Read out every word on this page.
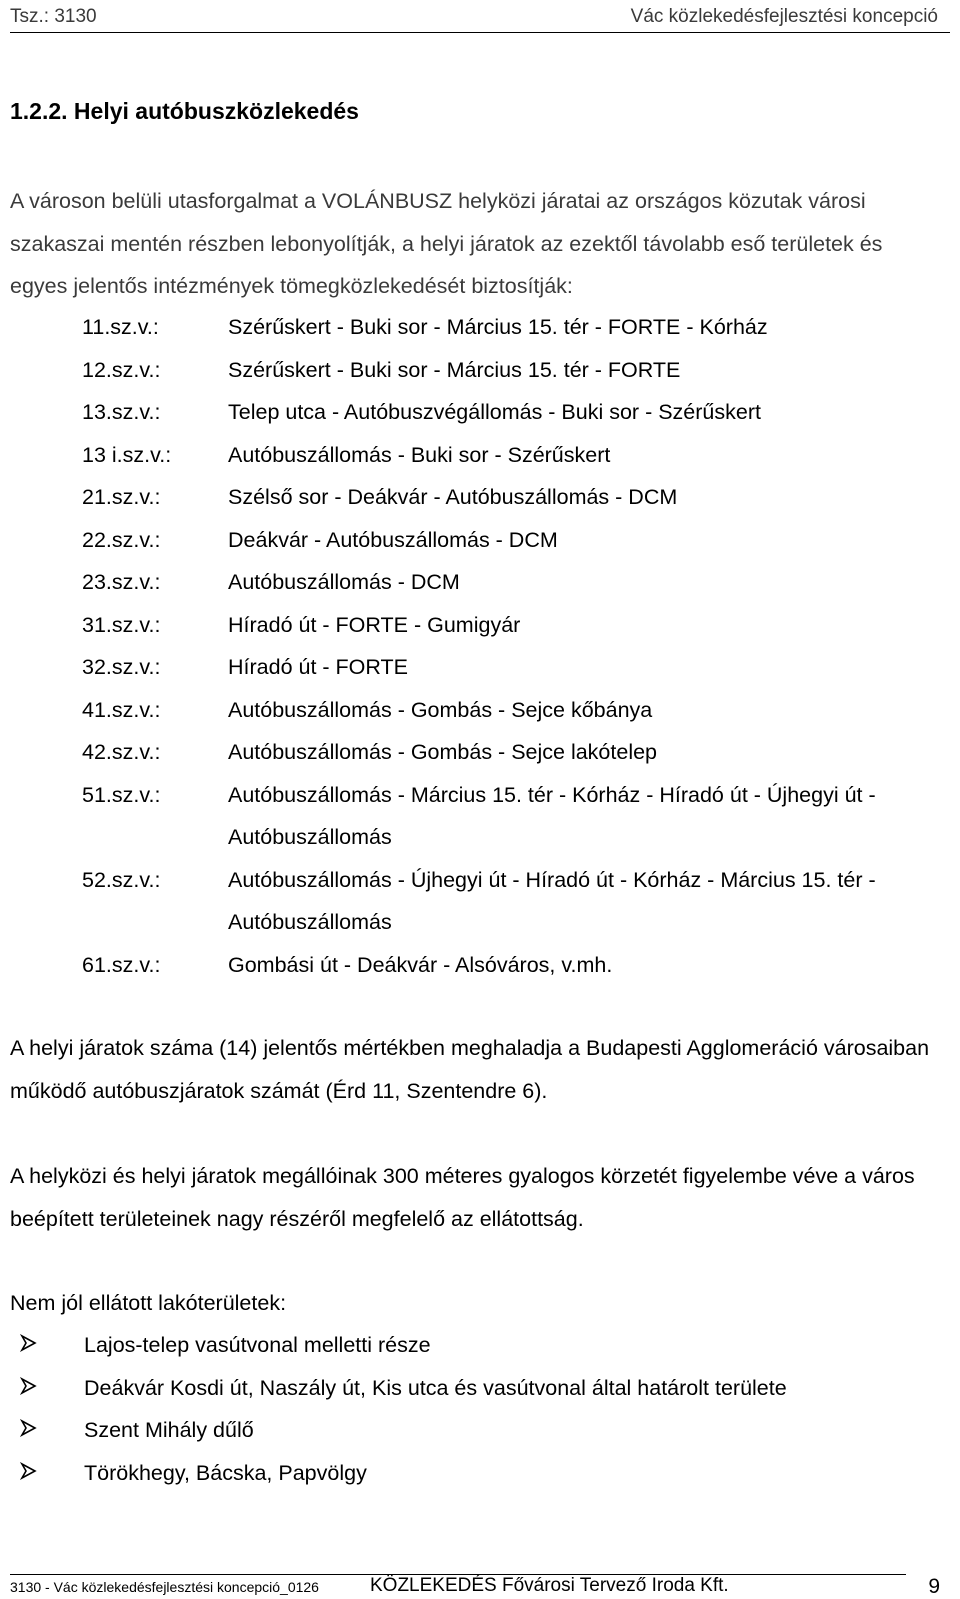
Tsz.: 3130	Vác közlekedésfejlesztési koncepció
1.2.2. Helyi autóbuszközlekedés
A városon belüli utasforgalmat a VOLÁNBUSZ helyközi járatai az országos közutak városi szakaszai mentén részben lebonyolítják, a helyi járatok az ezektől távolabb eső területek és egyes jelentős intézmények tömegközlekedését biztosítják:
11.sz.v.:	Szérűskert - Buki sor - Március 15. tér - FORTE - Kórház
12.sz.v.:	Szérűskert - Buki sor - Március 15. tér - FORTE
13.sz.v.:	Telep utca - Autóbuszvégállomás - Buki sor - Szérűskert
13 i.sz.v.:	Autóbuszállomás - Buki sor - Szérűskert
21.sz.v.:	Szélső sor - Deákvár - Autóbuszállomás - DCM
22.sz.v.:	Deákvár - Autóbuszállomás - DCM
23.sz.v.:	Autóbuszállomás - DCM
31.sz.v.:	Híradó út - FORTE - Gumigyár
32.sz.v.:	Híradó út - FORTE
41.sz.v.:	Autóbuszállomás - Gombás - Sejce kőbánya
42.sz.v.:	Autóbuszállomás - Gombás - Sejce lakótelep
51.sz.v.:	Autóbuszállomás - Március 15. tér - Kórház - Híradó út - Újhegyi út - Autóbuszállomás
52.sz.v.:	Autóbuszállomás - Újhegyi út - Híradó út - Kórház - Március 15. tér - Autóbuszállomás
61.sz.v.:	Gombási út - Deákvár - Alsóváros, v.mh.
A helyi járatok száma (14) jelentős mértékben meghaladja a Budapesti Agglomeráció városaiban működő autóbuszjáratok számát (Érd 11, Szentendre 6).
A helyközi és helyi járatok megállóinak 300 méteres gyalogos körzetét figyelembe véve a város beépített területeinek nagy részéről megfelelő az ellátottság.
Nem jól ellátott lakóterületek:
Lajos-telep vasútvonal melletti része
Deákvár Kosdi út, Naszály út, Kis utca és vasútvonal által határolt területe
Szent Mihály dűlő
Törökhegy, Bácska, Papvölgy
3130 - Vác közlekedésfejlesztési koncepció_0126	KÖZLEKEDÉS Fővárosi Tervező Iroda Kft.	9
